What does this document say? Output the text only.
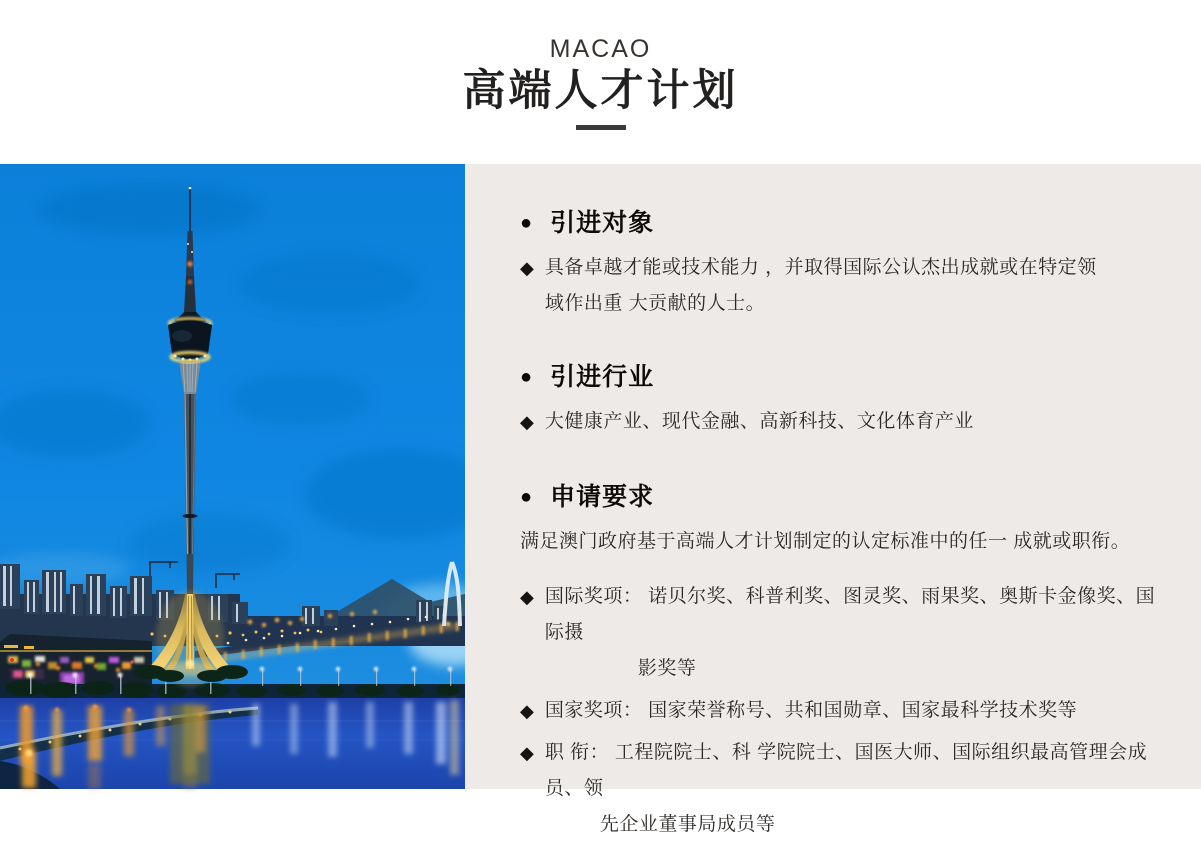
MACAO
高端人才计划
● 引进对象
◆ 具备卓越才能或技术能力 ，并取得国际公认杰出成就或在特定领
域作出重 大贡献的人士。
● 引进行业
◆ 大健康产业、现代金融、高新科技、文化体育产业
● 申请要求

满足澳门政府基于高端人才计划制定的认定标准中的任一 成就或职衔。

◆ 国际奖项： 诺贝尔奖、科普利奖、图灵奖、雨果奖、奥斯卡金像奖、国际摄
影奖等
◆ 国家奖项： 国家荣誉称号、共和国勋章、国家最科学技术奖等
◆ 职 衔： 工程院院士、科 学院院士、国医大师、国际组织最高管理会成员、领
先企业董事局成员等
